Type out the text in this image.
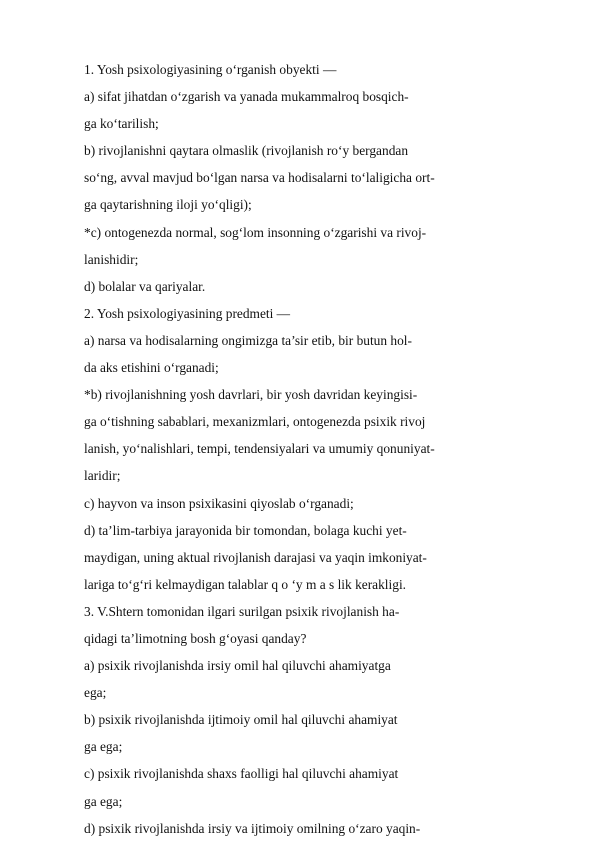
1. Yosh psixologiyasining o‘rganish obyekti —
a) sifat jihatdan o‘zgarish va yanada mukammalroq bosqich-
ga ko‘tarilish;
b) rivojlanishni qaytara olmaslik (rivojlanish ro‘y bergandan
so‘ng, avval mavjud bo‘lgan narsa va hodisalarni to‘laligicha ort-
ga qaytarishning iloji yo‘qligi);
*c) ontogenezda normal, sog‘lom insonning o‘zgarishi va rivoj-
lanishidir;
d) bolalar va qariyalar.
2. Yosh psixologiyasining predmeti —
a) narsa va hodisalarning ongimizga ta’sir etib, bir butun hol-
da aks etishini o‘rganadi;
*b) rivojlanishning yosh davrlari, bir yosh davridan keyingisi-
ga o‘tishning sabablari, mexanizmlari, ontogenezda psixik rivoj
lanish, yo‘nalishlari, tempi, tendensiyalari va umumiy qonuniyat-
laridir;
c) hayvon va inson psixikasini qiyoslab o‘rganadi;
d) ta’lim-tarbiya jarayonida bir tomondan, bolaga kuchi yet-
maydigan, uning aktual rivojlanish darajasi va yaqin imkoniyat-
lariga to‘g‘ri kelmaydigan talablar q o ‘y m a s lik kerakligi.
3. V.Shtern tomonidan ilgari surilgan psixik rivojlanish ha-
qidagi ta’limotning bosh g‘oyasi qanday?
a) psixik rivojlanishda irsiy omil hal qiluvchi ahamiyatga
ega;
b) psixik rivojlanishda ijtimoiy omil hal qiluvchi ahamiyat
ga ega;
c) psixik rivojlanishda shaxs faolligi hal qiluvchi ahamiyat
ga ega;
d) psixik rivojlanishda irsiy va ijtimoiy omilning o‘zaro yaqin-
